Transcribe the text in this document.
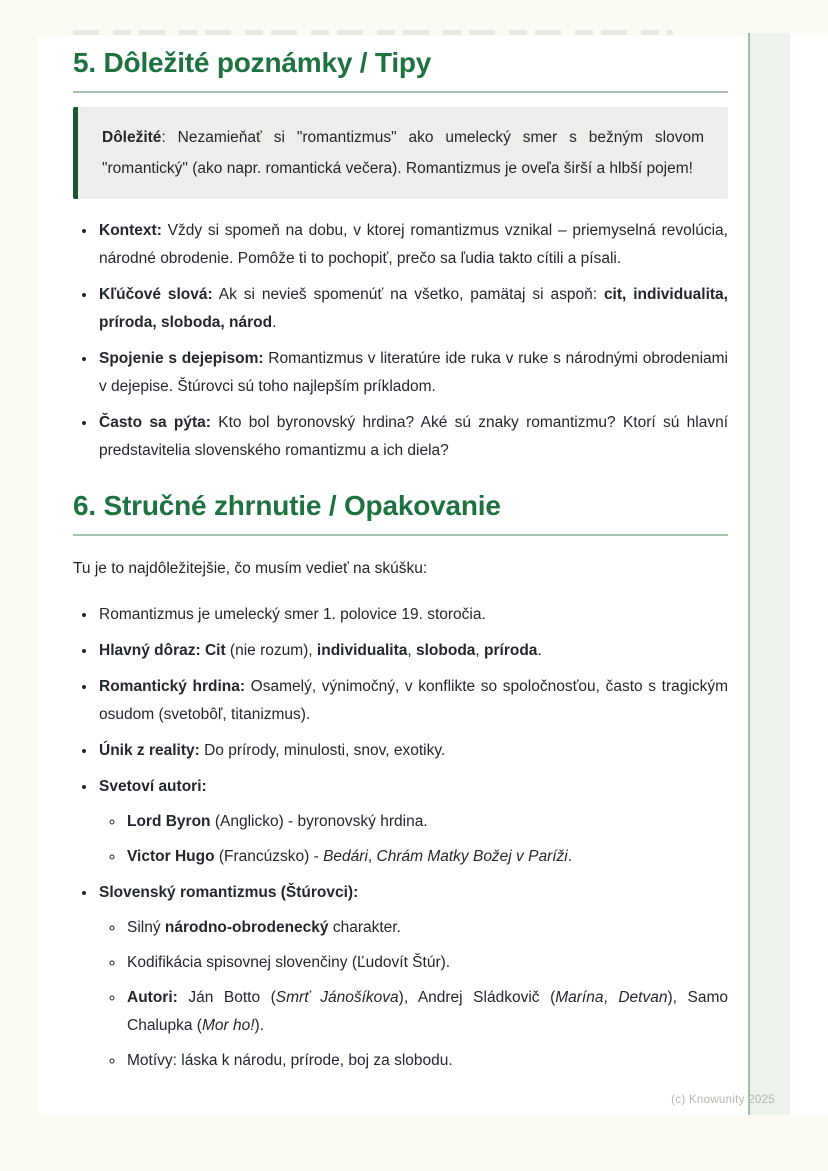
5. Dôležité poznámky / Tipy

Dôležité: Nezamieňať si "romantizmus" ako umelecký smer s bežným slovom "romantický" (ako napr. romantická večera). Romantizmus je oveľa širší a hlbší pojem!

• Kontext: Vždy si spomeň na dobu, v ktorej romantizmus vznikal – priemyselná revolúcia, národné obrodenie. Pomôže ti to pochopiť, prečo sa ľudia takto cítili a písali.
• Kľúčové slová: Ak si nevieš spomenúť na všetko, pamätaj si aspoň: cit, individualita, príroda, sloboda, národ.
• Spojenie s dejepisom: Romantizmus v literatúre ide ruka v ruke s národnými obrodeniami v dejepise. Štúrovci sú toho najlepším príkladom.
• Často sa pýta: Kto bol byronovský hrdina? Aké sú znaky romantizmu? Ktorí sú hlavní predstavitelia slovenského romantizmu a ich diela?
6. Stručné zhrnutie / Opakovanie

Tu je to najdôležitejšie, čo musím vedieť na skúšku:

• Romantizmus je umelecký smer 1. polovice 19. storočia.
• Hlavný dôraz: Cit (nie rozum), individualita, sloboda, príroda.
• Romantický hrdina: Osamelý, výnimočný, v konflikte so spoločnosťou, často s tragickým osudom (svetobôľ, titanizmus).
• Únik z reality: Do prírody, minulosti, snov, exotiky.
• Svetoví autori:
◦ Lord Byron (Anglicko) - byronovský hrdina.
◦ Victor Hugo (Francúzsko) - Bedári, Chrám Matky Božej v Paríži.
• Slovenský romantizmus (Štúrovci):
◦ Silný národno-obrodenecký charakter.
◦ Kodifikácia spisovnej slovenčiny (Ľudovít Štúr).
◦ Autori: Ján Botto (Smrť Jánošíkova), Andrej Sládkovič (Marína, Detvan), Samo Chalupka (Mor ho!).
◦ Motívy: láska k národu, prírode, boj za slobodu.
(c) Knowunity 2025
